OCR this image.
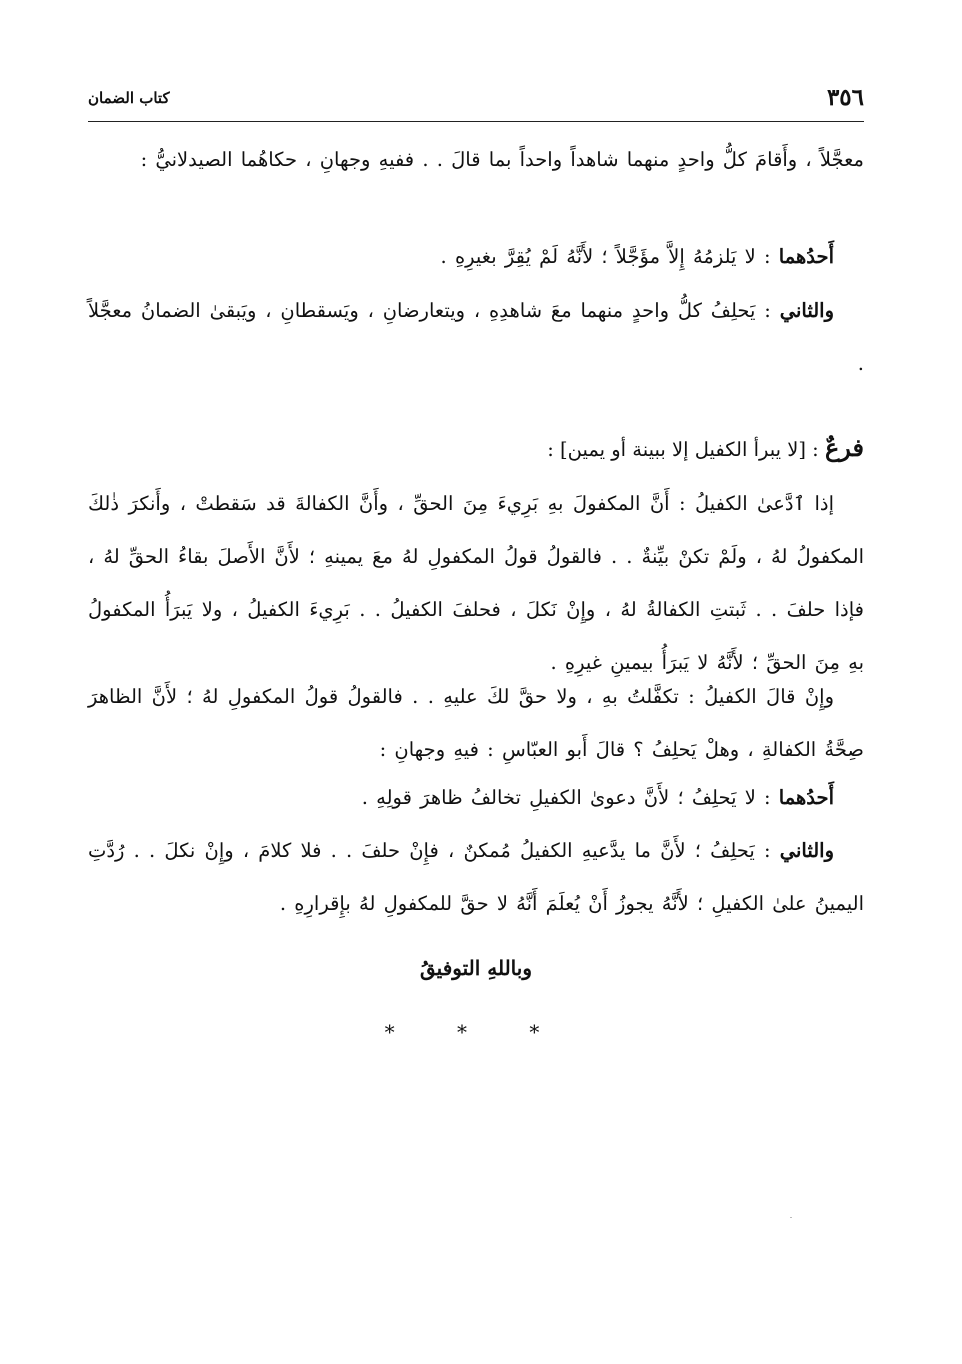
٣٥٦
كتاب الضمان
معجَّلاً ، وأَقامَ كلُّ واحدٍ منهما شاهداً واحداً بما قالَ . . ففيهِ وجهانِ ، حكاهُما الصيدلانيُّ :
أَحدُهما : لا يَلزمُهُ إِلاَّ مؤَجَّلاً ؛ لأَنَّهُ لَمْ يُقِرَّ بغيرِهِ .
والثاني : يَحلِفُ كلُّ واحدٍ منهما معَ شاهدِهِ ، ويتعارضانِ ، ويَسقطانِ ، ويَبقىٰ الضمانُ معجَّلاً .
فرعٌ : [لا يبرأ الكفيل إلا ببينة أو يمين] :
إذا ٱدَّعىٰ الكفيلُ : أَنَّ المكفولَ بهِ بَرِيءَ مِنَ الحقِّ ، وأَنَّ الكفالةَ قد سَقطتْ ، وأَنكرَ ذٰلكَ المكفولُ لهُ ، ولَمْ تكنْ بيِّنةٌ . . فالقولُ قولُ المكفولِ لهُ معَ يمينهِ ؛ لأَنَّ الأَصلَ بقاءُ الحقِّ لهُ ، فإذا حلفَ . . ثَبتتِ الكفالةُ لهُ ، وإِنْ نَكلَ ، فحلفَ الكفيلُ . . بَرِيءَ الكفيلُ ، ولا يَبرَأُ المكفولُ بهِ مِنَ الحقِّ ؛ لأَنَّهُ لا يَبرَأُ بيمينِ غيرِهِ .
وإِنْ قالَ الكفيلُ : تكفَّلتُ بهِ ، ولا حقَّ لكَ عليهِ . . فالقولُ قولُ المكفولِ لهُ ؛ لأَنَّ الظاهرَ صِحَّةُ الكفالةِ ، وهلْ يَحلِفُ ؟ قالَ أَبو العبّاسِ : فيهِ وجهانِ :
أَحدُهما : لا يَحلِفُ ؛ لأَنَّ دعوىٰ الكفيلِ تخالفُ ظاهرَ قولِهِ .
والثاني : يَحلِفُ ؛ لأَنَّ ما يدَّعيهِ الكفيلُ مُمكنٌ ، فإِنْ حلفَ . . فلا كلامَ ، وإِنْ نكلَ . . رُدَّتِ اليمينُ علىٰ الكفيلِ ؛ لأَنَّهُ يجوزُ أَنْ يُعلَمَ أَنَّهُ لا حقَّ للمكفولِ لهُ بإِقرارِهِ .
وباللهِ التوفيقُ
* * *
